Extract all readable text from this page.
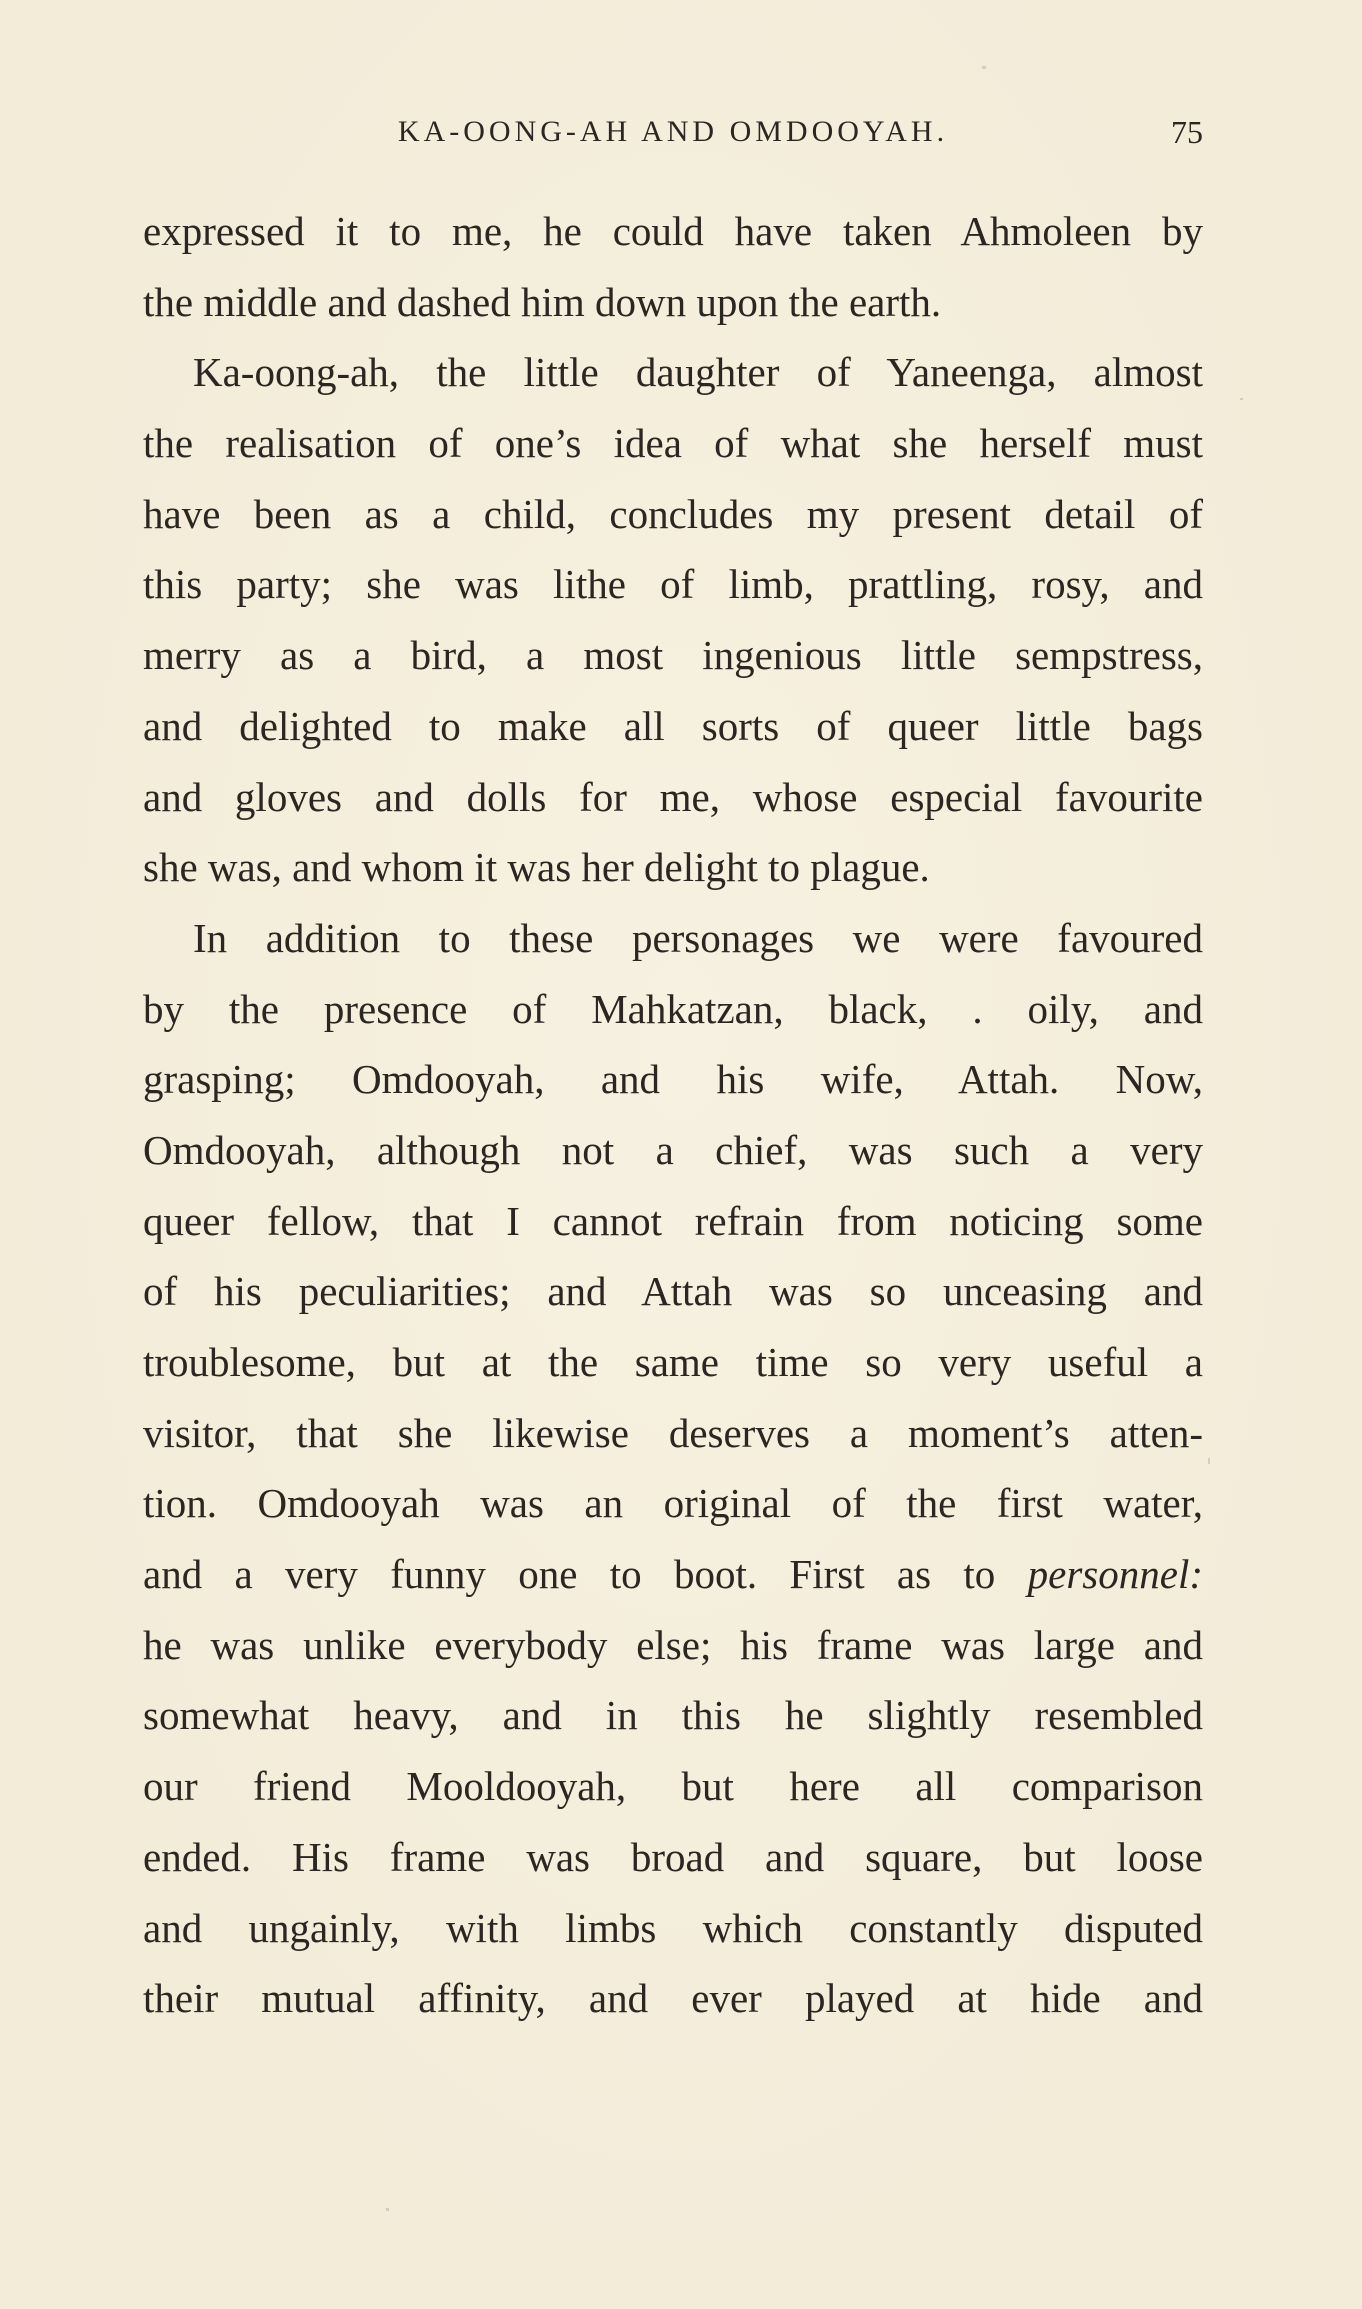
KA-OONG-AH AND OMDOOYAH.	75
expressed it to me, he could have taken Ahmoleen by
the middle and dashed him down upon the earth.
Ka-oong-ah, the little daughter of Yaneenga, almost
the realisation of one’s idea of what she herself must
have been as a child, concludes my present detail of
this party; she was lithe of limb, prattling, rosy, and
merry as a bird, a most ingenious little sempstress,
and delighted to make all sorts of queer little bags
and gloves and dolls for me, whose especial favourite
she was, and whom it was her delight to plague.
In addition to these personages we were favoured
by the presence of Mahkatzan, black, . oily, and
grasping; Omdooyah, and his wife, Attah. Now,
Omdooyah, although not a chief, was such a very
queer fellow, that I cannot refrain from noticing some
of his peculiarities; and Attah was so unceasing and
troublesome, but at the same time so very useful a
visitor, that she likewise deserves a moment’s atten-
tion. Omdooyah was an original of the first water,
and a very funny one to boot. First as to personnel:
he was unlike everybody else; his frame was large and
somewhat heavy, and in this he slightly resembled
our friend Mooldooyah, but here all comparison
ended. His frame was broad and square, but loose
and ungainly, with limbs which constantly disputed
their mutual affinity, and ever played at hide and
